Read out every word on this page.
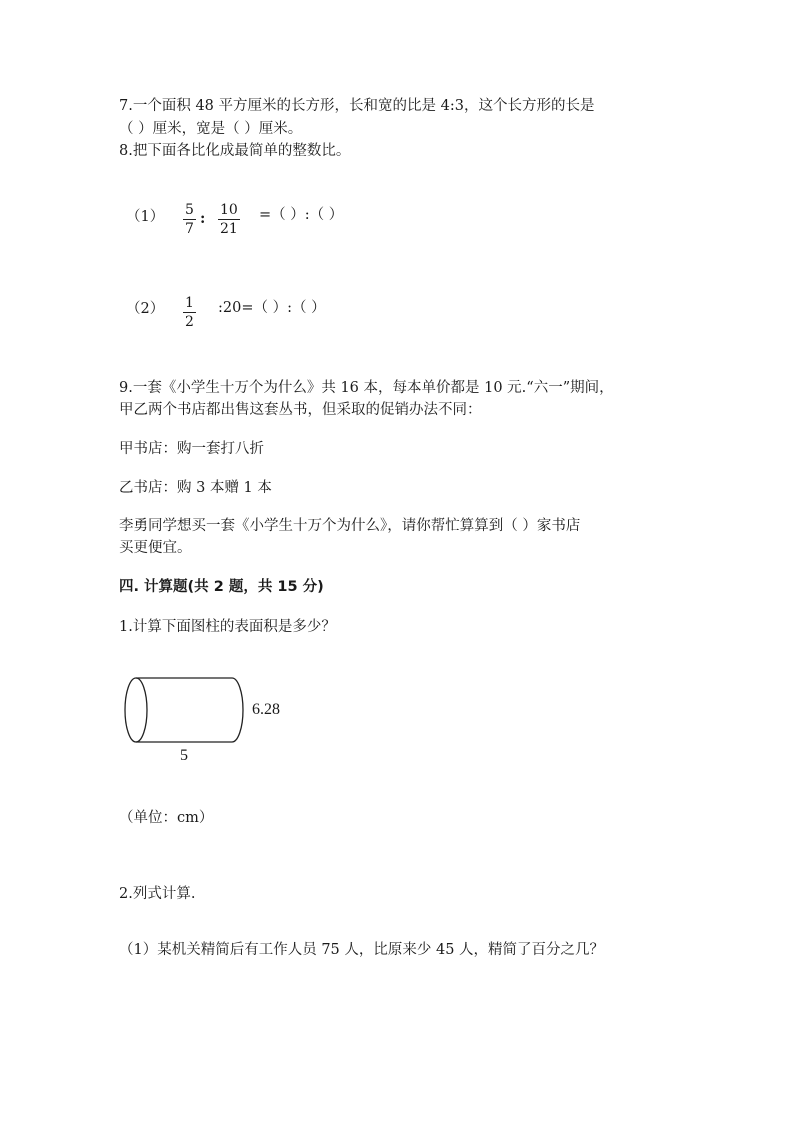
7.一个面积 48 平方厘米的长方形，长和宽的比是 4:3，这个长方形的长是
（ ）厘米，宽是（ ）厘米。
8.把下面各比化成最简单的整数比。
（1） 5
7
: 10
21
=（ ）:（ ）
（2） 1
2
:20=（ ）:（ ）
9.一套《小学生十万个为什么》共 16 本，每本单价都是 10 元.“六一”期间，
甲乙两个书店都出售这套丛书，但采取的促销办法不同：
甲书店：购一套打八折
乙书店：购 3 本赠 1 本
李勇同学想买一套《小学生十万个为什么》，请你帮忙算算到（ ）家书店
买更便宜。
四. 计算题(共 2 题，共 15 分)
1.计算下面图柱的表面积是多少？
6.28
5
（单位：cm）
2.列式计算.
（1）某机关精简后有工作人员 75 人，比原来少 45 人，精简了百分之几？
